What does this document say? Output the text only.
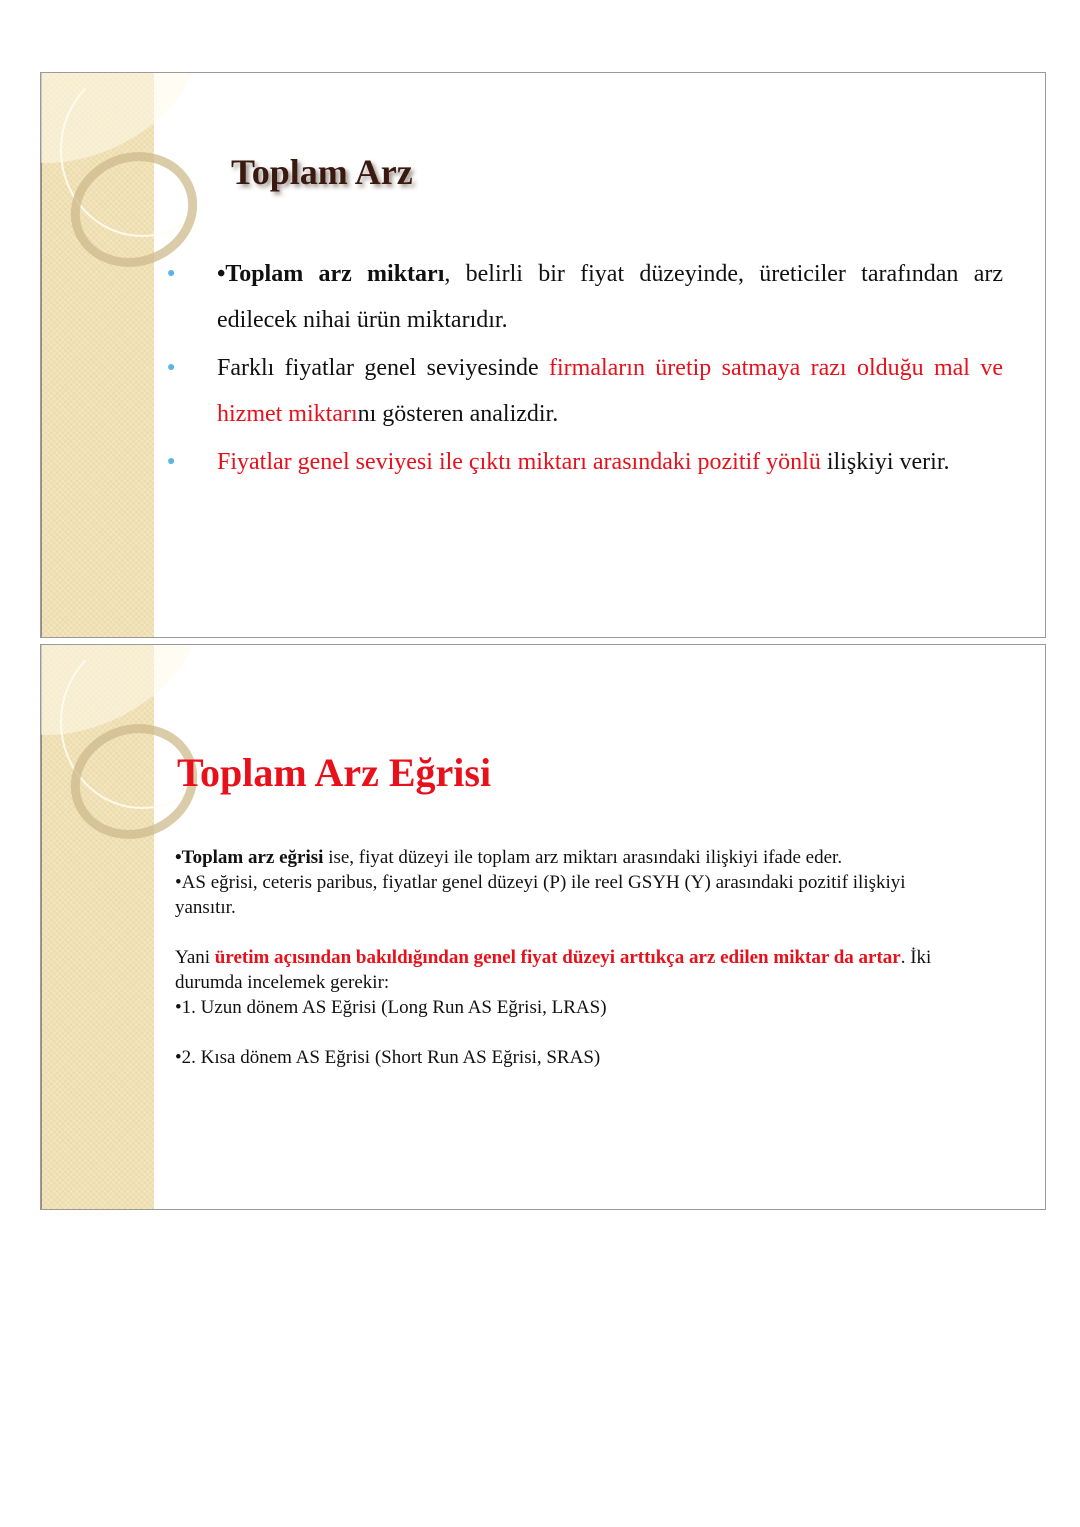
Toplam Arz
● •Toplam arz miktarı, belirli bir fiyat düzeyinde, üreticiler tarafından arz edilecek nihai ürün miktarıdır.
● Farklı fiyatlar genel seviyesinde firmaların üretip satmaya razı olduğu mal ve hizmet miktarını gösteren analizdir.
● Fiyatlar genel seviyesi ile çıktı miktarı arasındaki pozitif yönlü ilişkiyi verir.
Toplam Arz Eğrisi

•Toplam arz eğrisi ise, fiyat düzeyi ile toplam arz miktarı arasındaki ilişkiyi ifade eder.

•AS eğrisi, ceteris paribus, fiyatlar genel düzeyi (P) ile reel GSYH (Y) arasındaki pozitif ilişkiyi yansıtır.

Yani üretim açısından bakıldığından genel fiyat düzeyi arttıkça arz edilen miktar da artar. İki durumda incelemek gerekir:

•1. Uzun dönem AS Eğrisi (Long Run AS Eğrisi, LRAS)

•2. Kısa dönem AS Eğrisi (Short Run AS Eğrisi, SRAS)
